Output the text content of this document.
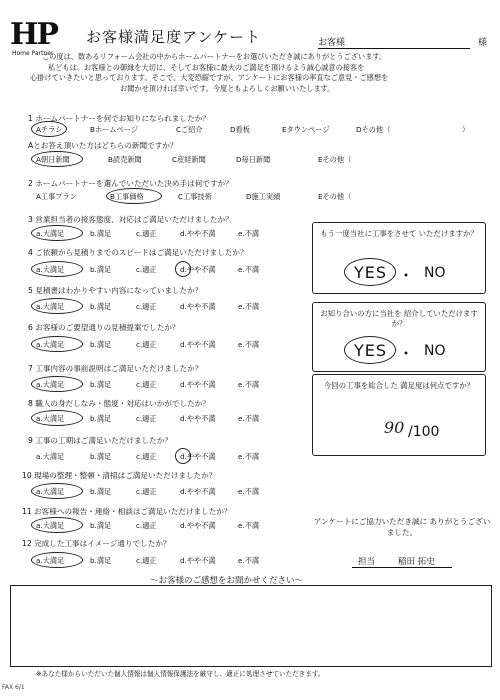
HP
Home Partner
お客様満足度アンケート	お客様	様
この度は、数あるリフォーム会社の中からホームパートナーをお選びいただき誠にありがとうございます。
私どもは、お客様との御縁を大切に、そしてお客様に最大のご満足を頂けるよう誠心誠意の接客を
心掛けていきたいと思っております。そこで、大変恐縮ですが、アンケートにお客様の率直なご意見・ご感想を
お聞かせ頂ければ幸いです。今度ともよろしくお願いいたします。
1 ホームパートナーを何でお知りになられましたか？
Aチラシ	Bホームページ	Cご紹介	D看板	Eタウンページ	Dその他（	）
Aとお答え頂いた方はどちらの新聞ですか？
A朝日新聞	B読売新聞	C産経新聞	D毎日新聞	Eその他（
2 ホームパートナーを選んでいただいた決め手は何ですか？
A工事プラン	B工事価格	C工事技術	D施工実績	Eその他（
3 営業担当者の接客態度、対応はご満足いただけましたか？
a.大満足	b.満足	c.適正	d.やや不満	e.不満
4 ご依頼から見積りまでのスピードはご満足いただけましたか？
a.大満足	b.満足	c.適正	d.やや不満	e.不満
5 見積書はわかりやすい内容になっていましたか？
a.大満足	b.満足	c.適正	d.やや不満	e.不満
6 お客様のご要望通りの見積提案でしたか？
a.大満足	b.満足	c.適正	d.やや不満	e.不満
7 工事内容の事前説明はご満足いただけましたか？
a.大満足	b.満足	c.適正	d.やや不満	e.不満
8 職人の身だしなみ・態度・対応はいかがでしたか？
a.大満足	b.満足	c.適正	d.やや不満	e.不満
9 工事の工期はご満足いただけましたか？
a.大満足	b.満足	c.適正	d.やや不満	e.不満
10 現場の整理・整頓・清掃はご満足いただけましたか？
a.大満足	b.満足	c.適正	d.やや不満	e.不満
11 お客様への報告・連絡・相談はご満足いただけましたか？
a.大満足	b.満足	c.適正	d.やや不満	e.不満
12 完成した工事はイメージ通りでしたか？
a.大満足	b.満足	c.適正	d.やや不満	e.不満
もう一度当社に工事をさせて いただけますか？
YES ・ NO
お知り合いの方に当社を 紹介していただけますか？
YES ・ NO
今回の工事を総合した 満足度は何点ですか？
90 /100
アンケートにご協力いただき誠に ありがとうございました。
担当	稲田 拓史
～お客様のご感想をお聞かせください～
※あなた様からいただいた個人情報は個人情報保護法を厳守し、適正に処理させていただきます。
FAX 6/1
